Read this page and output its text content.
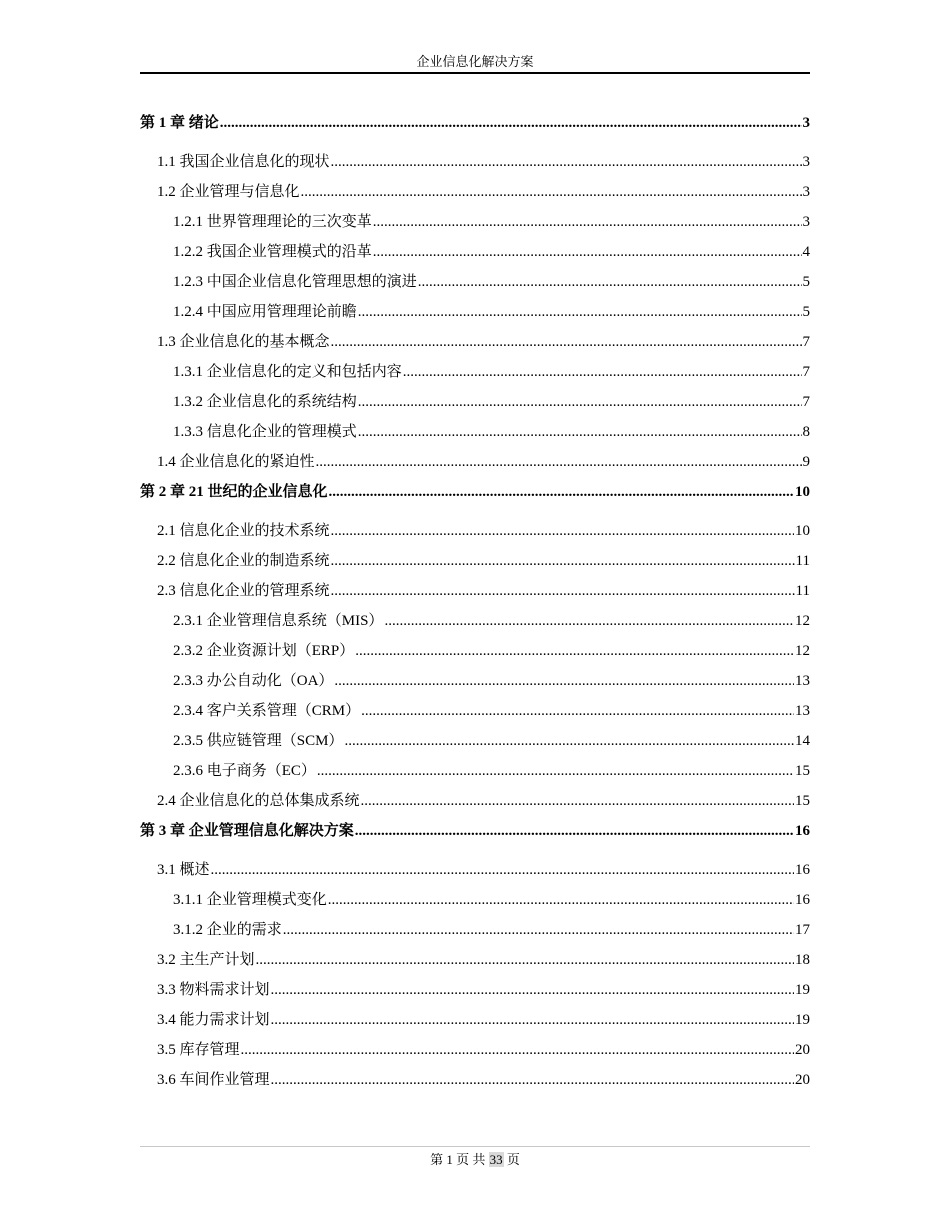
企业信息化解决方案
第 1 章 绪论 .....	3
1.1 我国企业信息化的现状 .....	3
1.2 企业管理与信息化 .....	3
1.2.1 世界管理理论的三次变革 .....	3
1.2.2 我国企业管理模式的沿革 .....	4
1.2.3 中国企业信息化管理思想的演进 .....	5
1.2.4 中国应用管理理论前瞻 .....	5
1.3 企业信息化的基本概念 .....	7
1.3.1 企业信息化的定义和包括内容 .....	7
1.3.2 企业信息化的系统结构 .....	7
1.3.3 信息化企业的管理模式 .....	8
1.4 企业信息化的紧迫性 .....	9
第 2 章 21 世纪的企业信息化 .....	10
2.1 信息化企业的技术系统 .....	10
2.2 信息化企业的制造系统 .....	11
2.3 信息化企业的管理系统 .....	11
2.3.1 企业管理信息系统（MIS） .....	12
2.3.2 企业资源计划（ERP） .....	12
2.3.3 办公自动化（OA） .....	13
2.3.4 客户关系管理（CRM） .....	13
2.3.5 供应链管理（SCM） .....	14
2.3.6 电子商务（EC） .....	15
2.4 企业信息化的总体集成系统 .....	15
第 3 章 企业管理信息化解决方案 .....	16
3.1 概述 .....	16
3.1.1 企业管理模式变化 .....	16
3.1.2 企业的需求 .....	17
3.2 主生产计划 .....	18
3.3 物料需求计划 .....	19
3.4 能力需求计划 .....	19
3.5 库存管理 .....	20
3.6 车间作业管理 .....	20
第 1 页 共 33 页
